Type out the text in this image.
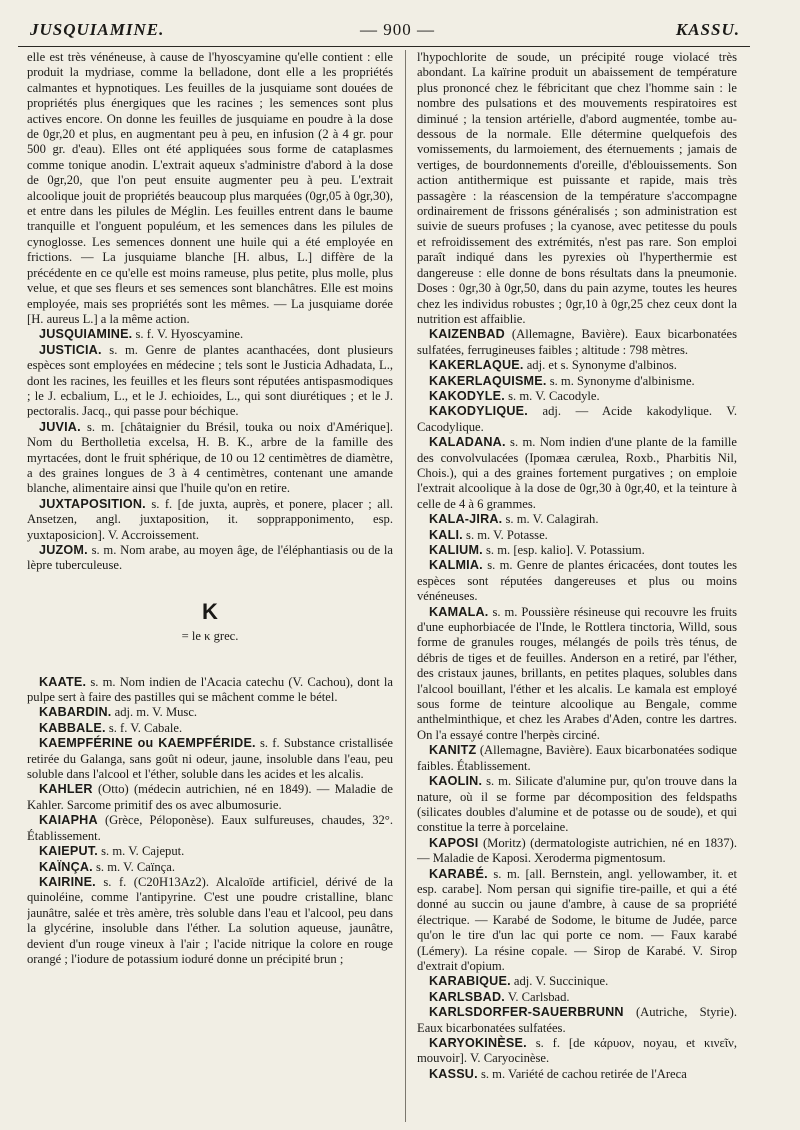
JUSQUIAMINE.	— 900 —	KASSU.

elle est très vénéneuse, à cause de l'hyoscyamine qu'elle contient : elle produit la mydriase, comme la belladone, dont elle a les propriétés calmantes et hypnotiques. Les feuilles de la jusquiame sont douées de propriétés plus énergiques que les racines ; les semences sont plus actives encore. On donne les feuilles de jusquiame en poudre à la dose de 0gr,20 et plus, en augmentant peu à peu, en infusion (2 à 4 gr. pour 500 gr. d'eau). Elles ont été appliquées sous forme de cataplasmes comme tonique anodin. L'extrait aqueux s'administre d'abord à la dose de 0gr,20, que l'on peut ensuite augmenter peu à peu. L'extrait alcoolique jouit de propriétés beaucoup plus marquées (0gr,05 à 0gr,30), et entre dans les pilules de Méglin. Les feuilles entrent dans le baume tranquille et l'onguent populéum, et les semences dans les pilules de cynoglosse. Les semences donnent une huile qui a été employée en frictions. — La jusquiame blanche [H. albus, L.] diffère de la précédente en ce qu'elle est moins rameuse, plus petite, plus molle, plus velue, et que ses fleurs et ses semences sont blanchâtres. Elle est moins employée, mais ses propriétés sont les mêmes. — La jusquiame dorée [H. aureus L.] a la même action.

JUSQUIAMINE. s. f. V. Hyoscyamine.

JUSTICIA. s. m. Genre de plantes acanthacées, dont plusieurs espèces sont employées en médecine ; tels sont le Justicia Adhadata, L., dont les racines, les feuilles et les fleurs sont réputées antispasmodiques ; le J. ecbalium, L., et le J. echioides, L., qui sont diurétiques ; et le J. pectoralis. Jacq., qui passe pour béchique.

JUVIA. s. m. [châtaignier du Brésil, touka ou noix d'Amérique]. Nom du Bertholletia excelsa, H. B. K., arbre de la famille des myrtacées, dont le fruit sphérique, de 10 ou 12 centimètres de diamètre, a des graines longues de 3 à 4 centimètres, contenant une amande blanche, alimentaire ainsi que l'huile qu'on en retire.

JUXTAPOSITION. s. f. [de juxta, auprès, et ponere, placer ; all. Ansetzen, angl. juxtaposition, it. sopprapponimento, esp. yuxtaposicion]. V. Accroissement.

JUZOM. s. m. Nom arabe, au moyen âge, de l'éléphantiasis ou de la lèpre tuberculeuse.

K
= le κ grec.

KAATE. s. m. Nom indien de l'Acacia catechu (V. Cachou), dont la pulpe sert à faire des pastilles qui se mâchent comme le bétel.

KABARDIN. adj. m. V. Musc.

KABBALE. s. f. V. Cabale.

KAEMPFÉRINE ou KAEMPFÉRIDE. s. f. Substance cristallisée retirée du Galanga, sans goût ni odeur, jaune, insoluble dans l'eau, peu soluble dans l'alcool et l'éther, soluble dans les acides et les alcalis.

KAHLER (Otto) (médecin autrichien, né en 1849). — Maladie de Kahler. Sarcome primitif des os avec albumosurie.

KAIAPHA (Grèce, Péloponèse). Eaux sulfureuses, chaudes, 32°. Établissement.

KAIEPUT. s. m. V. Cajeput.

KAÏNÇA. s. m. V. Caïnça.

KAIRINE. s. f. (C20H13Az2). Alcaloïde artificiel, dérivé de la quinoléine, comme l'antipyrine. C'est une poudre cristalline, blanc jaunâtre, salée et très amère, très soluble dans l'eau et l'alcool, peu dans la glycérine, insoluble dans l'éther. La solution aqueuse, jaunâtre, devient d'un rouge vineux à l'air ; l'acide nitrique la colore en rouge orangé ; l'iodure de potassium ioduré donne un précipité brun ;

l'hypochlorite de soude, un précipité rouge violacé très abondant. La kaïrine produit un abaissement de température plus prononcé chez le fébricitant que chez l'homme sain : le nombre des pulsations et des mouvements respiratoires est diminué ; la tension artérielle, d'abord augmentée, tombe au-dessous de la normale. Elle détermine quelquefois des vomissements, du larmoiement, des éternuements ; jamais de vertiges, de bourdonnements d'oreille, d'éblouissements. Son action antithermique est puissante et rapide, mais très passagère : la réascension de la température s'accompagne ordinairement de frissons généralisés ; son administration est suivie de sueurs profuses ; la cyanose, avec petitesse du pouls et refroidissement des extrémités, n'est pas rare. Son emploi paraît indiqué dans les pyrexies où l'hyperthermie est dangereuse : elle donne de bons résultats dans la pneumonie. Doses : 0gr,30 à 0gr,50, dans du pain azyme, toutes les heures chez les individus robustes ; 0gr,10 à 0gr,25 chez ceux dont la nutrition est affaiblie.

KAIZENBAD (Allemagne, Bavière). Eaux bicarbonatées sulfatées, ferrugineuses faibles ; altitude : 798 mètres.

KAKERLAQUE. adj. et s. Synonyme d'albinos.

KAKERLAQUISME. s. m. Synonyme d'albinisme.

KAKODYLE. s. m. V. Cacodyle.

KAKODYLIQUE. adj. — Acide kakodylique. V. Cacodylique.

KALADANA. s. m. Nom indien d'une plante de la famille des convolvulacées (Ipomæa cærulea, Roxb., Pharbitis Nil, Chois.), qui a des graines fortement purgatives ; on emploie l'extrait alcoolique à la dose de 0gr,30 à 0gr,40, et la teinture à celle de 4 à 6 grammes.

KALA-JIRA. s. m. V. Calagirah.

KALI. s. m. V. Potasse.

KALIUM. s. m. [esp. kalio]. V. Potassium.

KALMIA. s. m. Genre de plantes éricacées, dont toutes les espèces sont réputées dangereuses et plus ou moins vénéneuses.

KAMALA. s. m. Poussière résineuse qui recouvre les fruits d'une euphorbiacée de l'Inde, le Rottlera tinctoria, Willd, sous forme de granules rouges, mélangés de poils très ténus, de débris de tiges et de feuilles. Anderson en a retiré, par l'éther, des cristaux jaunes, brillants, en petites plaques, solubles dans l'alcool bouillant, l'éther et les alcalis. Le kamala est employé sous forme de teinture alcoolique au Bengale, comme anthelminthique, et chez les Arabes d'Aden, contre les dartres. On l'a essayé contre l'herpès circiné.

KANITZ (Allemagne, Bavière). Eaux bicarbonatées sodique faibles. Établissement.

KAOLIN. s. m. Silicate d'alumine pur, qu'on trouve dans la nature, où il se forme par décomposition des feldspaths (silicates doubles d'alumine et de potasse ou de soude), et qui constitue la terre à porcelaine.

KAPOSI (Moritz) (dermatologiste autrichien, né en 1837). — Maladie de Kaposi. Xeroderma pigmentosum.

KARABÉ. s. m. [all. Bernstein, angl. yellowamber, it. et esp. carabe]. Nom persan qui signifie tire-paille, et qui a été donné au succin ou jaune d'ambre, à cause de sa propriété électrique. — Karabé de Sodome, le bitume de Judée, parce qu'on le tire d'un lac qui porte ce nom. — Faux karabé (Lémery). La résine copale. — Sirop de Karabé. V. Sirop d'extrait d'opium.

KARABIQUE. adj. V. Succinique.

KARLSBAD. V. Carlsbad.

KARLSDORFER-SAUERBRUNN (Autriche, Styrie). Eaux bicarbonatées sulfatées.

KARYOKINÈSE. s. f. [de κάρυον, noyau, et κινεῖν, mouvoir]. V. Caryocinèse.

KASSU. s. m. Variété de cachou retirée de l'Areca
